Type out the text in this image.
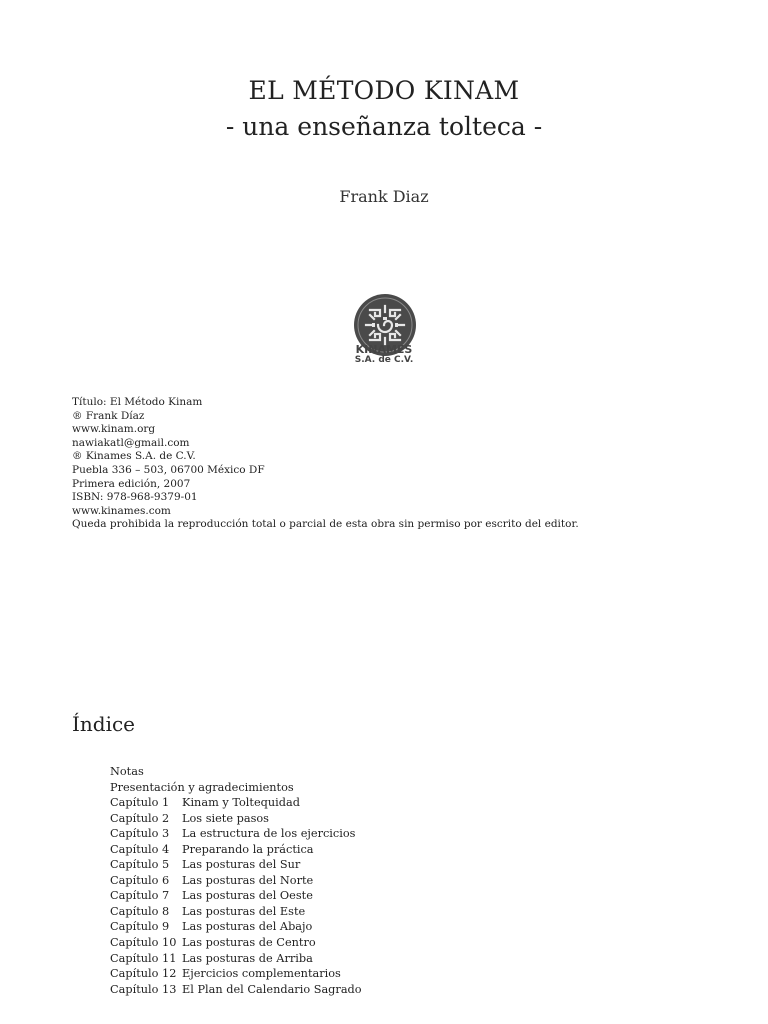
EL MÉTODO KINAM
- una enseñanza tolteca -
Frank Diaz
KINAMES
S.A. de C.V.
Título: El Método Kinam
® Frank Díaz
www.kinam.org
nawiakatl@gmail.com
® Kinames S.A. de C.V.
Puebla 336 – 503, 06700 México DF
Primera edición, 2007
ISBN: 978-968-9379-01
www.kinames.com
Queda prohibida la reproducción total o parcial de esta obra sin permiso por escrito del editor.
Índice
Notas
Presentación y agradecimientos
Capítulo 1	Kinam y Toltequidad
Capítulo 2	Los siete pasos
Capítulo 3	La estructura de los ejercicios
Capítulo 4	Preparando la práctica
Capítulo 5	Las posturas del Sur
Capítulo 6	Las posturas del Norte
Capítulo 7	Las posturas del Oeste
Capítulo 8	Las posturas del Este
Capítulo 9	Las posturas del Abajo
Capítulo 10 Las posturas de Centro
Capítulo 11 Las posturas de Arriba
Capítulo 12 Ejercicios complementarios
Capítulo 13 El Plan del Calendario Sagrado
